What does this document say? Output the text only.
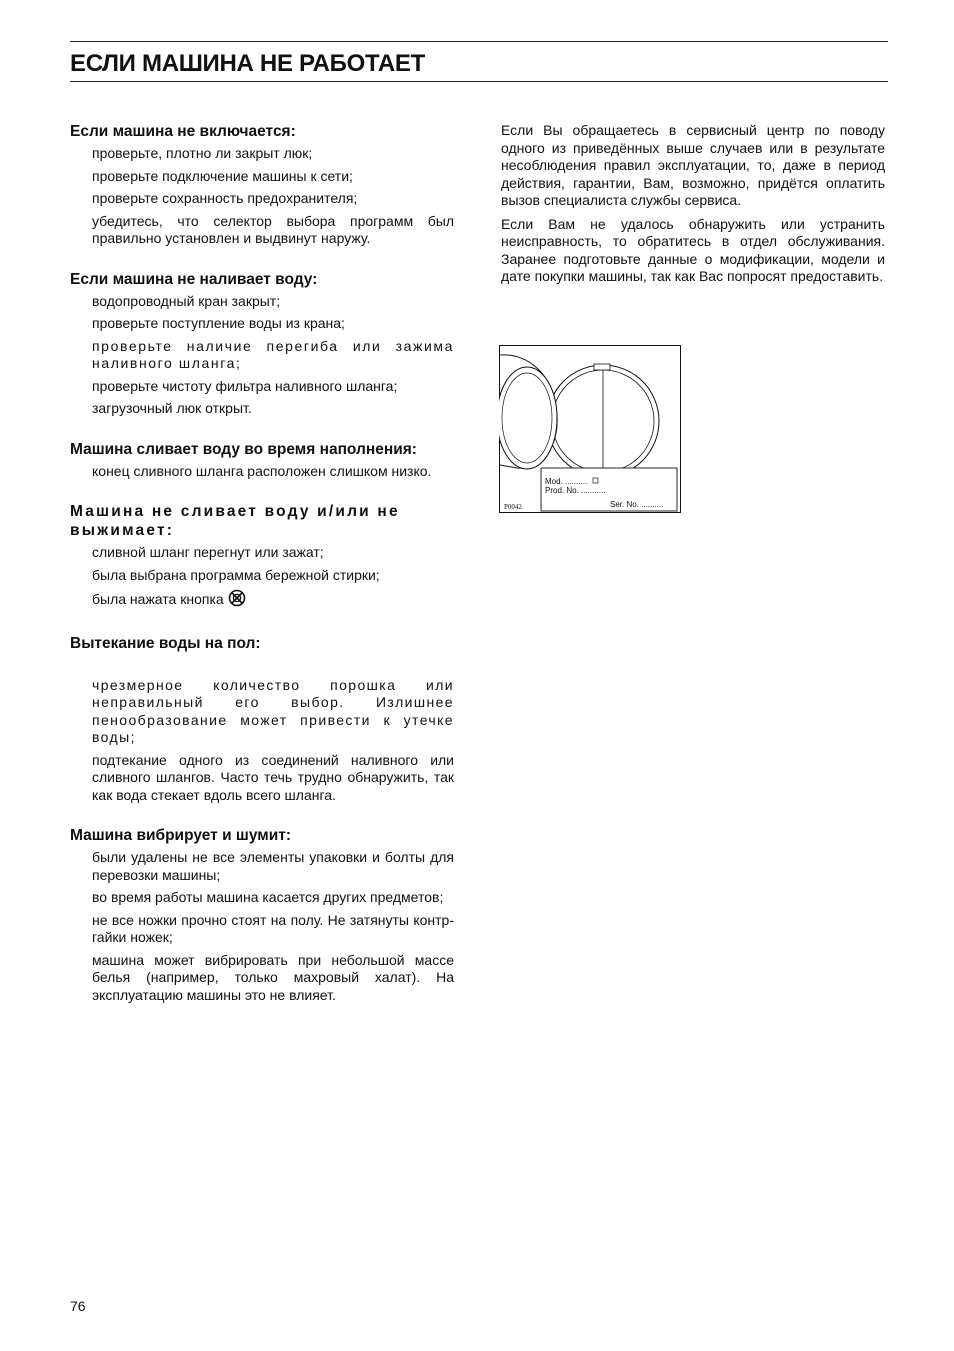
ЕСЛИ МАШИНА НЕ РАБОТАЕТ
Если машина не включается:
проверьте, плотно ли закрыт люк;
проверьте подключение машины к сети;
проверьте сохранность предохранителя;
убедитесь, что селектор выбора программ был правильно установлен и выдвинут наружу.
Если машина не наливает воду:
водопроводный кран закрыт;
проверьте поступление воды из крана;
проверьте наличие перегиба или зажима наливного шланга;
проверьте чистоту фильтра наливного шланга;
загрузочный люк открыт.
Машина сливает воду во время наполнения:
конец сливного шланга расположен слишком низко.
Машина не сливает воду и/или не выжимает:
сливной шланг перегнут или зажат;
была выбрана программа бережной стирки;
была нажата кнопка
Вытекание воды на пол:
чрезмерное количество порошка или неправильный его выбор. Излишнее пенообразование может привести к утечке воды;
подтекание одного из соединений наливного или сливного шлангов. Часто течь трудно обнаружить, так как вода стекает вдоль всего шланга.
Машина вибрирует и шумит:
были удалены не все элементы упаковки и болты для перевозки машины;
во время работы машина касается других предметов;
не все ножки прочно стоят на полу. Не затянуты контр-гайки ножек;
машина может вибрировать при небольшой массе белья (например, только махровый халат). На эксплуатацию машины это не влияет.

Если Вы обращаетесь в сервисный центр по поводу одного из приведённых выше случаев или в результате несоблюдения правил эксплуатации, то, даже в период действия, гарантии, Вам, возможно, придётся оплатить вызов специалиста службы сервиса.

Если Вам не удалось обнаружить или устранить неисправность, то обратитесь в отдел обслуживания. Заранее подготовьте данные о модификации, модели и дате покупки машины, так как Вас попросят предоставить.

Mod. ..........
Prod. No. ...........
Ser. No. ..........
P0042
76
